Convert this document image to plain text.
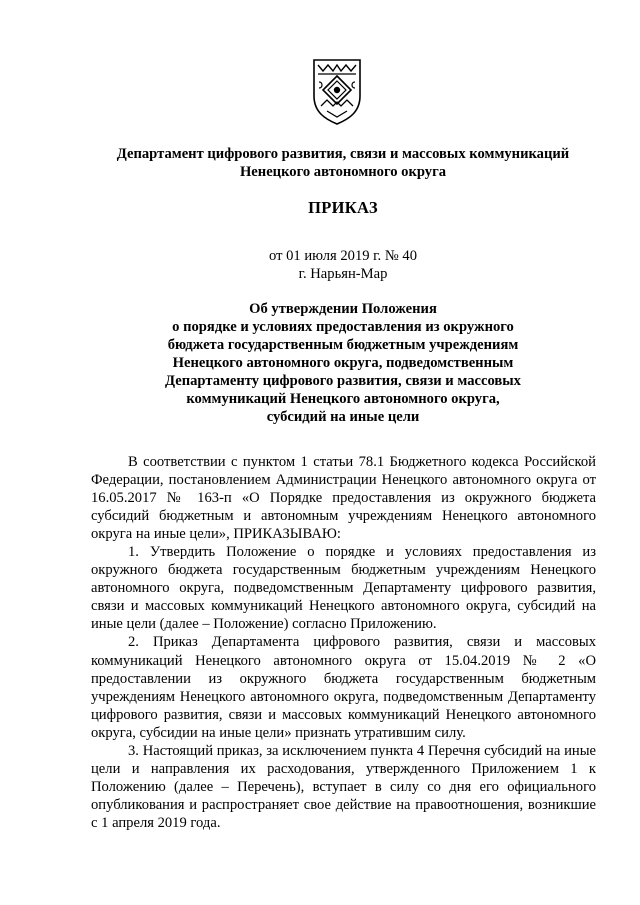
Департамент цифрового развития, связи и массовых коммуникаций
Ненецкого автономного округа
ПРИКАЗ
от 01 июля 2019 г. № 40
г. Нарьян-Мар
Об утверждении Положения
о порядке и условиях предоставления из окружного
бюджета государственным бюджетным учреждениям
Ненецкого автономного округа, подведомственным
Департаменту цифрового развития, связи и массовых
коммуникаций Ненецкого автономного округа,
субсидий на иные цели

В соответствии с пунктом 1 статьи 78.1 Бюджетного кодекса Российской Федерации, постановлением Администрации Ненецкого автономного округа от 16.05.2017 № 163-п «О Порядке предоставления из окружного бюджета субсидий бюджетным и автономным учреждениям Ненецкого автономного округа на иные цели», ПРИКАЗЫВАЮ:

1. Утвердить Положение о порядке и условиях предоставления из окружного бюджета государственным бюджетным учреждениям Ненецкого автономного округа, подведомственным Департаменту цифрового развития, связи и массовых коммуникаций Ненецкого автономного округа, субсидий на иные цели (далее – Положение) согласно Приложению.

2. Приказ Департамента цифрового развития, связи и массовых коммуникаций Ненецкого автономного округа от 15.04.2019 № 2 «О предоставлении из окружного бюджета государственным бюджетным учреждениям Ненецкого автономного округа, подведомственным Департаменту цифрового развития, связи и массовых коммуникаций Ненецкого автономного округа, субсидии на иные цели» признать утратившим силу.

3. Настоящий приказ, за исключением пункта 4 Перечня субсидий на иные цели и направления их расходования, утвержденного Приложением 1 к Положению (далее – Перечень), вступает в силу со дня его официального опубликования и распространяет свое действие на правоотношения, возникшие с 1 апреля 2019 года.
